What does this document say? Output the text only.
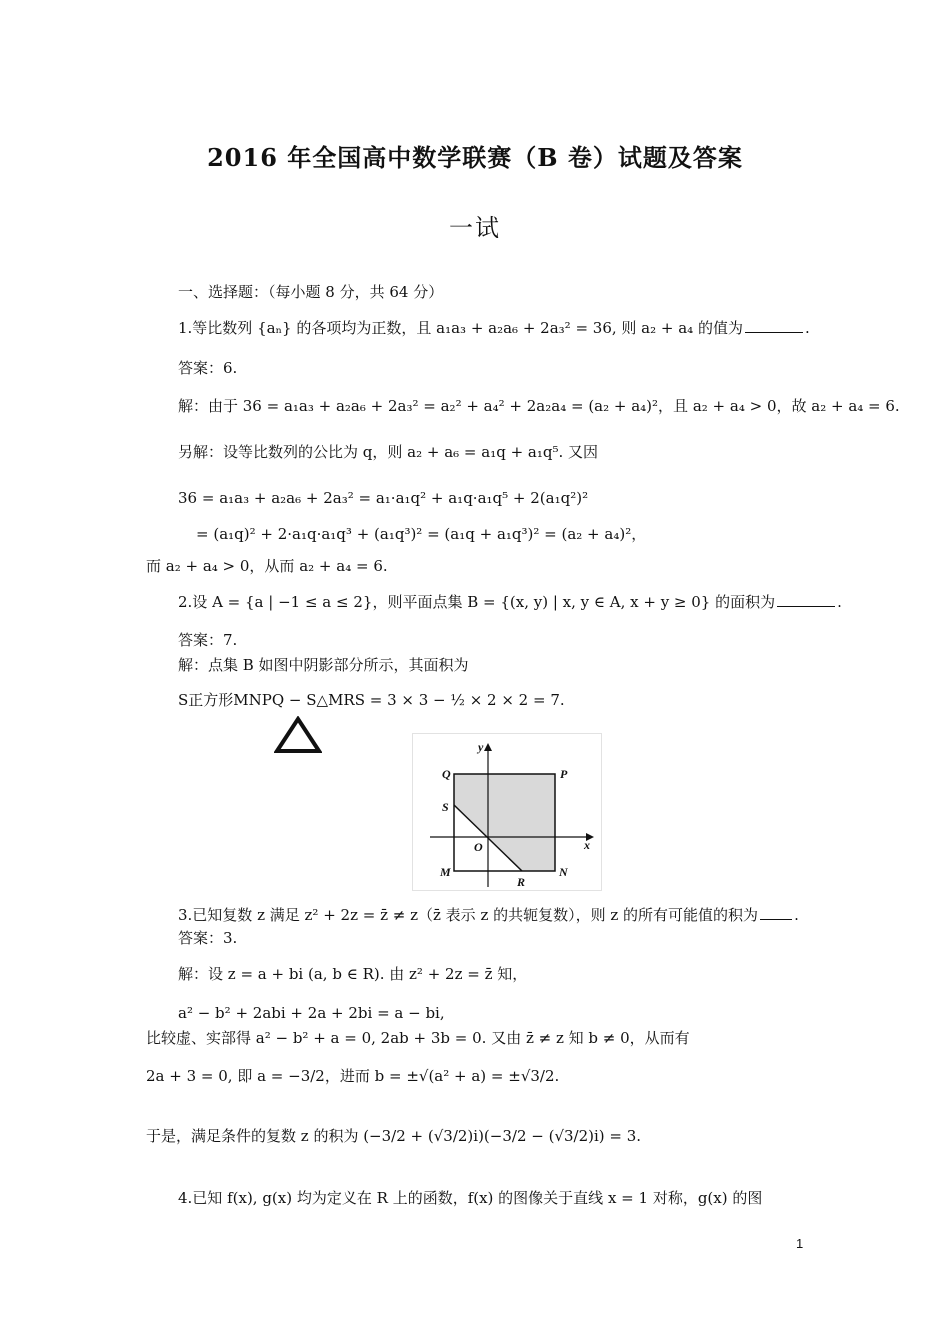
2016 年全国高中数学联赛（B 卷）试题及答案
一试
一、选择题：（每小题 8 分，共 64 分）
1.等比数列 {aₙ} 的各项均为正数，且 a₁a₃ + a₂a₆ + 2a₃² = 36, 则 a₂ + a₄ 的值为	.
答案：6.
解：由于 36 = a₁a₃ + a₂a₆ + 2a₃² = a₂² + a₄² + 2a₂a₄ = (a₂ + a₄)²，且 a₂ + a₄ > 0，故 a₂ + a₄ = 6.
另解：设等比数列的公比为 q，则 a₂ + a₆ = a₁q + a₁q⁵. 又因
36 = a₁a₃ + a₂a₆ + 2a₃² = a₁·a₁q² + a₁q·a₁q⁵ + 2(a₁q²)²
= (a₁q)² + 2·a₁q·a₁q³ + (a₁q³)² = (a₁q + a₁q³)² = (a₂ + a₄)²，
而 a₂ + a₄ > 0，从而 a₂ + a₄ = 6.
2.设 A = {a | −1 ≤ a ≤ 2}，则平面点集 B = {(x, y) | x, y ∈ A, x + y ≥ 0} 的面积为	.
答案：7.
解：点集 B 如图中阴影部分所示，其面积为
S正方形MNPQ − S△MRS = 3 × 3 − ½ × 2 × 2 = 7.
y
x
Q	P
S
O
M
R
N
3.已知复数 z 满足 z² + 2z = z̄ ≠ z（z̄ 表示 z 的共轭复数），则 z 的所有可能值的积为 .
答案：3.
解：设 z = a + bi (a, b ∈ R). 由 z² + 2z = z̄ 知，
a² − b² + 2abi + 2a + 2bi = a − bi,
比较虚、实部得 a² − b² + a = 0, 2ab + 3b = 0. 又由 z̄ ≠ z 知 b ≠ 0，从而有
2a + 3 = 0, 即 a = −3/2，进而 b = ±√(a² + a) = ±√3/2.
于是，满足条件的复数 z 的积为 (−3/2 + (√3/2)i)(−3/2 − (√3/2)i) = 3.
4.已知 f(x), g(x) 均为定义在 R 上的函数，f(x) 的图像关于直线 x = 1 对称，g(x) 的图
1
